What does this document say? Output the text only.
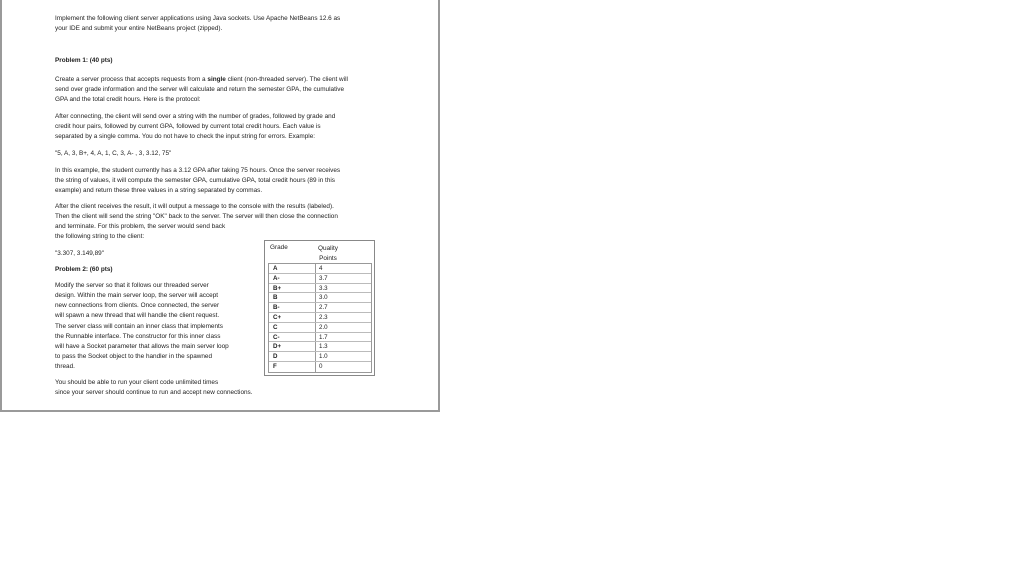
Implement the following client server applications using Java sockets. Use Apache NetBeans 12.6 as
your IDE and submit your entire NetBeans project (zipped).
Problem 1: (40 pts)
Create a server process that accepts requests from a single client (non-threaded server). The client will
send over grade information and the server will calculate and return the semester GPA, the cumulative
GPA and the total credit hours. Here is the protocol:
After connecting, the client will send over a string with the number of grades, followed by grade and
credit hour pairs, followed by current GPA, followed by current total credit hours. Each value is
separated by a single comma. You do not have to check the input string for errors. Example:
"5, A, 3, B+, 4, A, 1, C, 3, A- , 3, 3.12, 75"
In this example, the student currently has a 3.12 GPA after taking 75 hours. Once the server receives
the string of values, it will compute the semester GPA, cumulative GPA, total credit hours (89 in this
example) and return these three values in a string separated by commas.
After the client receives the result, it will output a message to the console with the results (labeled).
Then the client will send the string "OK" back to the server. The server will then close the connection
and terminate. For this problem, the server would send back
the following string to the client:
"3.307, 3.149,89"
Problem 2: (60 pts)
Modify the server so that it follows our threaded server
design. Within the main server loop, the server will accept
new connections from clients. Once connected, the server
will spawn a new thread that will handle the client request.
The server class will contain an inner class that implements
the Runnable interface. The constructor for this inner class
will have a Socket parameter that allows the main server loop
to pass the Socket object to the handler in the spawned
thread.
You should be able to run your client code unlimited times
since your server should continue to run and accept new connections.
Grade	Quality
Points
A	4
A-	3.7
B+	3.3
B	3.0
B-	2.7
C+	2.3
C	2.0
C-	1.7
D+	1.3
D	1.0
F	0
